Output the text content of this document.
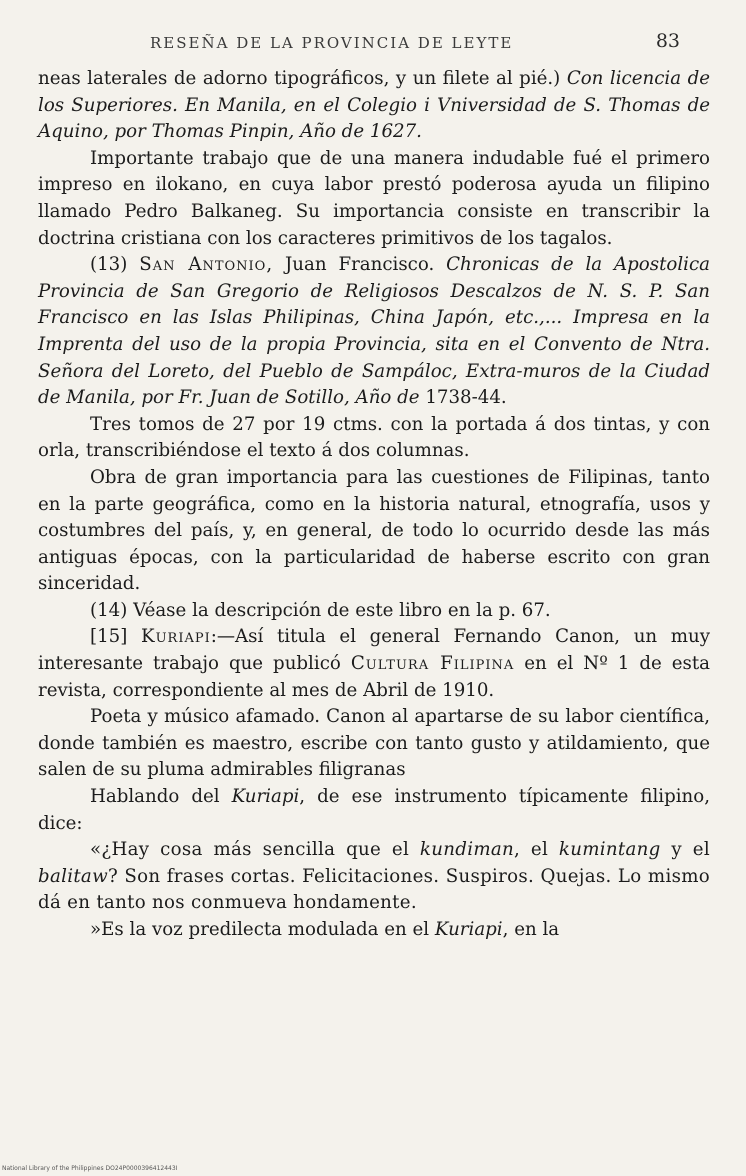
RESEÑA DE LA PROVINCIA DE LEYTE	83

neas laterales de adorno tipográficos, y un filete al pié.) Con licencia de los Superiores. En Manila, en el Colegio i Vniversidad de S. Thomas de Aquino, por Thomas Pinpin, Año de 1627.

Importante trabajo que de una manera indudable fué el primero impreso en ilokano, en cuya labor prestó poderosa ayuda un filipino llamado Pedro Balkaneg. Su importancia consiste en transcribir la doctrina cristiana con los caracteres primitivos de los tagalos.

(13) San Antonio, Juan Francisco. Chronicas de la Apostolica Provincia de San Gregorio de Religiosos Descalzos de N. S. P. San Francisco en las Islas Philipinas, China Japón, etc.,... Impresa en la Imprenta del uso de la propia Provincia, sita en el Convento de Ntra. Señora del Loreto, del Pueblo de Sampáloc, Extra-muros de la Ciudad de Manila, por Fr. Juan de Sotillo, Año de 1738-44.

Tres tomos de 27 por 19 ctms. con la portada á dos tintas, y con orla, transcribiéndose el texto á dos columnas.

Obra de gran importancia para las cuestiones de Filipinas, tanto en la parte geográfica, como en la historia natural, etnografía, usos y costumbres del país, y, en general, de todo lo ocurrido desde las más antiguas épocas, con la particularidad de haberse escrito con gran sinceridad.

(14) Véase la descripción de este libro en la p. 67.

[15] Kuriapi:—Así titula el general Fernando Canon, un muy interesante trabajo que publicó Cultura Filipina en el Nº 1 de esta revista, correspondiente al mes de Abril de 1910.

Poeta y músico afamado. Canon al apartarse de su labor científica, donde también es maestro, escribe con tanto gusto y atildamiento, que salen de su pluma admirables filigranas

Hablando del Kuriapi, de ese instrumento típicamente filipino, dice:

«¿Hay cosa más sencilla que el kundiman, el kumintang y el balitaw? Son frases cortas. Felicitaciones. Suspiros. Quejas. Lo mismo dá en tanto nos conmueva hondamente.

»Es la voz predilecta modulada en el Kuriapi, en la

National Library of the Philippines DO24P0000396412443I
